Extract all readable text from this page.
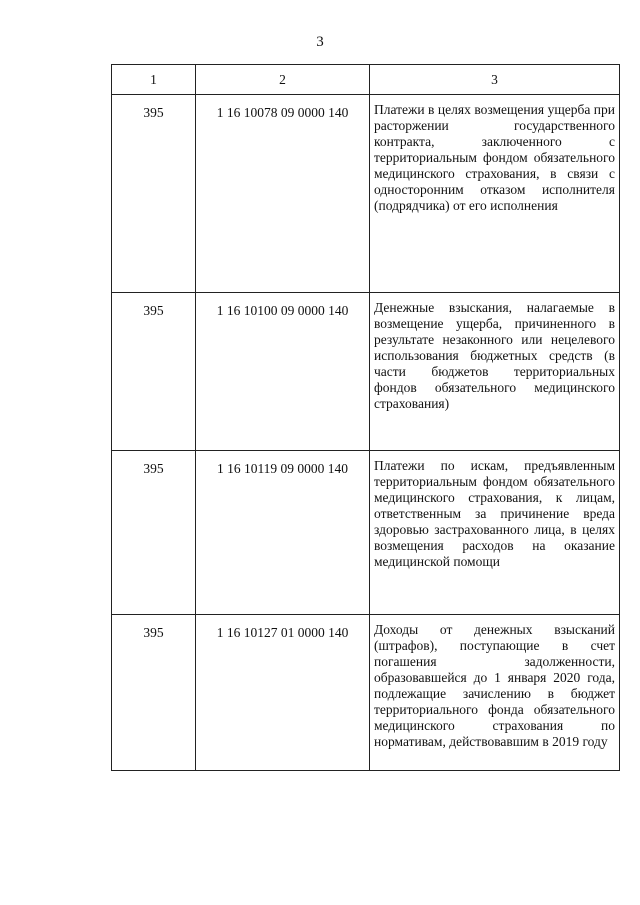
3
1	2	3
395	1 16 10078 09 0000 140	Платежи в целях возмещения ущерба при расторжении государственного контракта, заключенного с территориальным фондом обязательного медицинского страхования, в связи с односторонним отказом исполнителя (подрядчика) от его исполнения
395	1 16 10100 09 0000 140	Денежные взыскания, налагаемые в возмещение ущерба, причиненного в результате незаконного или нецелевого использования бюджетных средств (в части бюджетов территориальных фондов обязательного медицинского страхования)
395	1 16 10119 09 0000 140	Платежи по искам, предъявленным территориальным фондом обязательного медицинского страхования, к лицам, ответственным за причинение вреда здоровью застрахованного лица, в целях возмещения расходов на оказание медицинской помощи
395	1 16 10127 01 0000 140	Доходы от денежных взысканий (штрафов), поступающие в счет погашения задолженности, образовавшейся до 1 января 2020 года, подлежащие зачислению в бюджет территориального фонда обязательного медицинского страхования по нормативам, действовавшим в 2019 году
